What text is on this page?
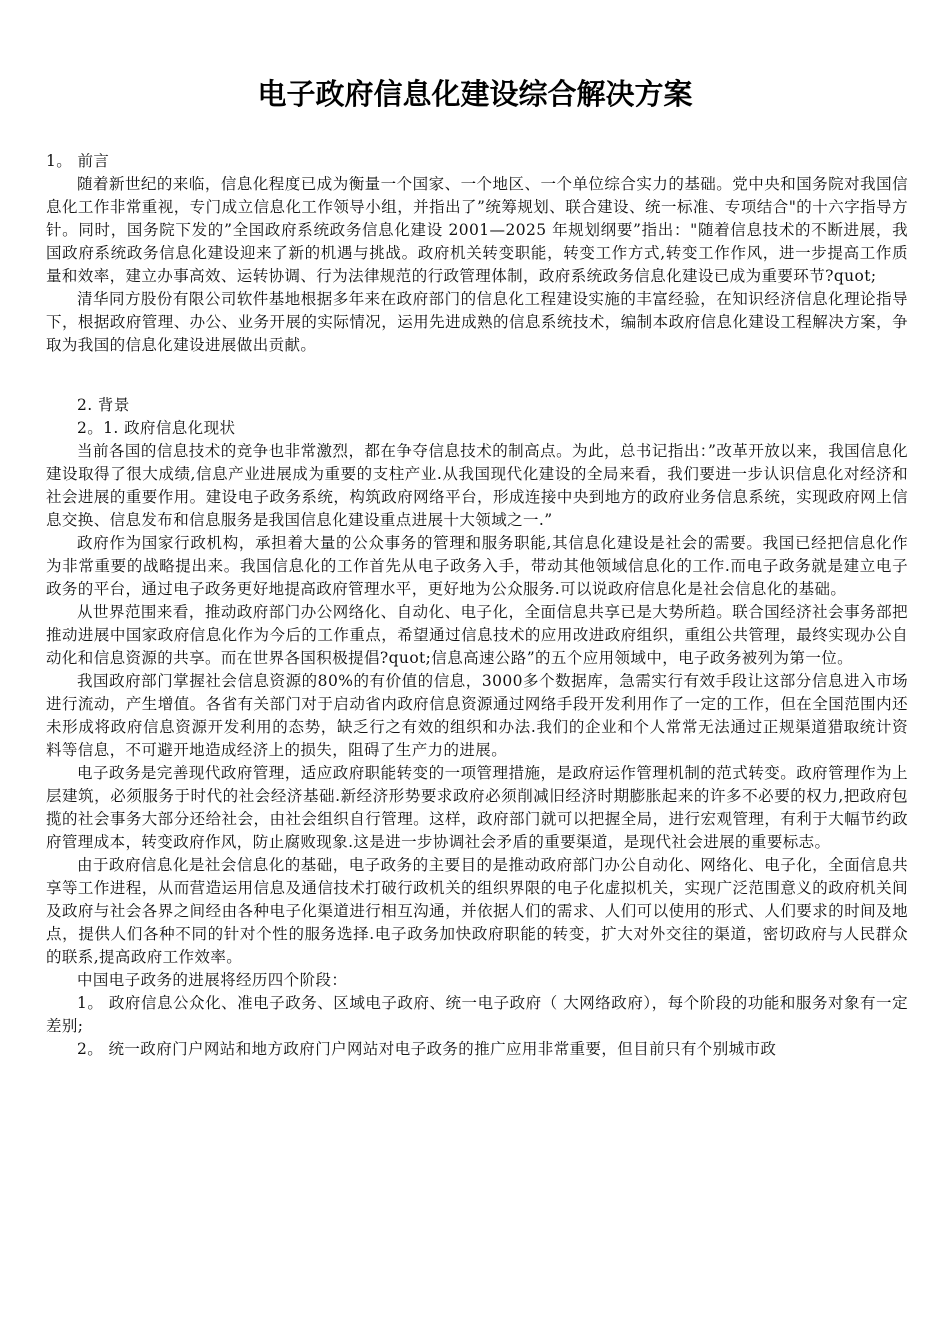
电子政府信息化建设综合解决方案

1。 前言

随着新世纪的来临，信息化程度已成为衡量一个国家、一个地区、一个单位综合实力的基础。党中央和国务院对我国信息化工作非常重视，专门成立信息化工作领导小组，并指出了”统筹规划、联合建设、统一标准、专项结合"的十六字指导方针。同时，国务院下发的”全国政府系统政务信息化建设 2001—2025 年规划纲要”指出："随着信息技术的不断进展，我国政府系统政务信息化建设迎来了新的机遇与挑战。政府机关转变职能，转变工作方式,转变工作作风，进一步提高工作质量和效率，建立办事高效、运转协调、行为法律规范的行政管理体制，政府系统政务信息化建设已成为重要环节?quot;

清华同方股份有限公司软件基地根据多年来在政府部门的信息化工程建设实施的丰富经验，在知识经济信息化理论指导下，根据政府管理、办公、业务开展的实际情况，运用先进成熟的信息系统技术，编制本政府信息化建设工程解决方案，争取为我国的信息化建设进展做出贡献。

2. 背景

2。1. 政府信息化现状

当前各国的信息技术的竞争也非常激烈，都在争夺信息技术的制高点。为此，总书记指出：”改革开放以来，我国信息化建设取得了很大成绩,信息产业进展成为重要的支柱产业.从我国现代化建设的全局来看，我们要进一步认识信息化对经济和社会进展的重要作用。建设电子政务系统，构筑政府网络平台，形成连接中央到地方的政府业务信息系统，实现政府网上信息交换、信息发布和信息服务是我国信息化建设重点进展十大领域之一.”

政府作为国家行政机构，承担着大量的公众事务的管理和服务职能,其信息化建设是社会的需要。我国已经把信息化作为非常重要的战略提出来。我国信息化的工作首先从电子政务入手，带动其他领域信息化的工作.而电子政务就是建立电子政务的平台，通过电子政务更好地提高政府管理水平，更好地为公众服务.可以说政府信息化是社会信息化的基础。

从世界范围来看，推动政府部门办公网络化、自动化、电子化，全面信息共享已是大势所趋。联合国经济社会事务部把推动进展中国家政府信息化作为今后的工作重点，希望通过信息技术的应用改进政府组织，重组公共管理，最终实现办公自动化和信息资源的共享。而在世界各国积极提倡?quot;信息高速公路”的五个应用领域中，电子政务被列为第一位。

我国政府部门掌握社会信息资源的80%的有价值的信息，3000多个数据库，急需实行有效手段让这部分信息进入市场进行流动，产生增值。各省有关部门对于启动省内政府信息资源通过网络手段开发利用作了一定的工作，但在全国范围内还未形成将政府信息资源开发利用的态势，缺乏行之有效的组织和办法.我们的企业和个人常常无法通过正规渠道猎取统计资料等信息，不可避开地造成经济上的损失，阻碍了生产力的进展。

电子政务是完善现代政府管理，适应政府职能转变的一项管理措施，是政府运作管理机制的范式转变。政府管理作为上层建筑，必须服务于时代的社会经济基础.新经济形势要求政府必须削减旧经济时期膨胀起来的许多不必要的权力,把政府包揽的社会事务大部分还给社会，由社会组织自行管理。这样，政府部门就可以把握全局，进行宏观管理，有利于大幅节约政府管理成本，转变政府作风，防止腐败现象.这是进一步协调社会矛盾的重要渠道，是现代社会进展的重要标志。

由于政府信息化是社会信息化的基础，电子政务的主要目的是推动政府部门办公自动化、网络化、电子化，全面信息共享等工作进程，从而营造运用信息及通信技术打破行政机关的组织界限的电子化虚拟机关，实现广泛范围意义的政府机关间及政府与社会各界之间经由各种电子化渠道进行相互沟通，并依据人们的需求、人们可以使用的形式、人们要求的时间及地点，提供人们各种不同的针对个性的服务选择.电子政务加快政府职能的转变，扩大对外交往的渠道，密切政府与人民群众的联系,提高政府工作效率。

中国电子政务的进展将经历四个阶段：

1。 政府信息公众化、准电子政务、区域电子政府、统一电子政府（ 大网络政府），每个阶段的功能和服务对象有一定差别;

2。 统一政府门户网站和地方政府门户网站对电子政务的推广应用非常重要，但目前只有个别城市政
